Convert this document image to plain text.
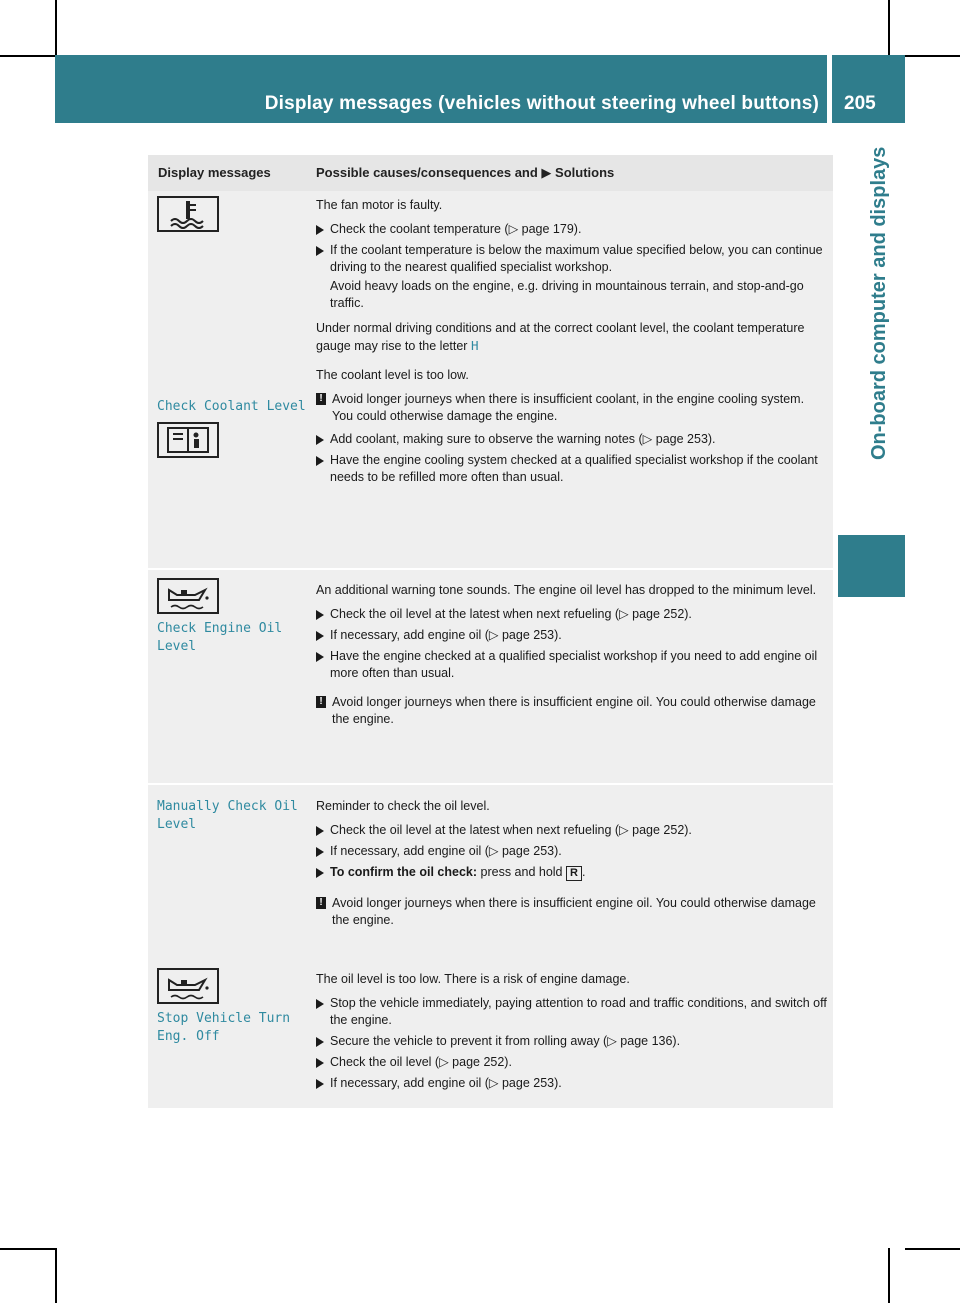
Display messages (vehicles without steering wheel buttons) 205
On-board computer and displays
Display messages	Possible causes/consequences and ▶ Solutions
Check Coolant Level

The fan motor is faulty.

Check the coolant temperature (▷ page 179).
If the coolant temperature is below the maximum value specified below, you can continue driving to the nearest qualified specialist workshop.

Avoid heavy loads on the engine, e.g. driving in mountainous terrain, and stop-and-go traffic.

Under normal driving conditions and at the correct coolant level, the coolant temperature gauge may rise to the letter H

The coolant level is too low.

! Avoid longer journeys when there is insufficient coolant, in the engine cooling system. You could otherwise damage the engine.
Add coolant, making sure to observe the warning notes (▷ page 253).
Have the engine cooling system checked at a qualified specialist workshop if the coolant needs to be refilled more often than usual.
Check Engine Oil Level

An additional warning tone sounds. The engine oil level has dropped to the minimum level.

Check the oil level at the latest when next refueling (▷ page 252).
If necessary, add engine oil (▷ page 253).
Have the engine checked at a qualified specialist workshop if you need to add engine oil more often than usual.
! Avoid longer journeys when there is insufficient engine oil. You could otherwise damage the engine.
Manually Check Oil Level

Reminder to check the oil level.

Check the oil level at the latest when next refueling (▷ page 252).
If necessary, add engine oil (▷ page 253).
To confirm the oil check: press and hold R .
! Avoid longer journeys when there is insufficient engine oil. You could otherwise damage the engine.
Stop Vehicle Turn Eng. Off

The oil level is too low. There is a risk of engine damage.

Stop the vehicle immediately, paying attention to road and traffic conditions, and switch off the engine.
Secure the vehicle to prevent it from rolling away (▷ page 136).
Check the oil level (▷ page 252).
If necessary, add engine oil (▷ page 253).
